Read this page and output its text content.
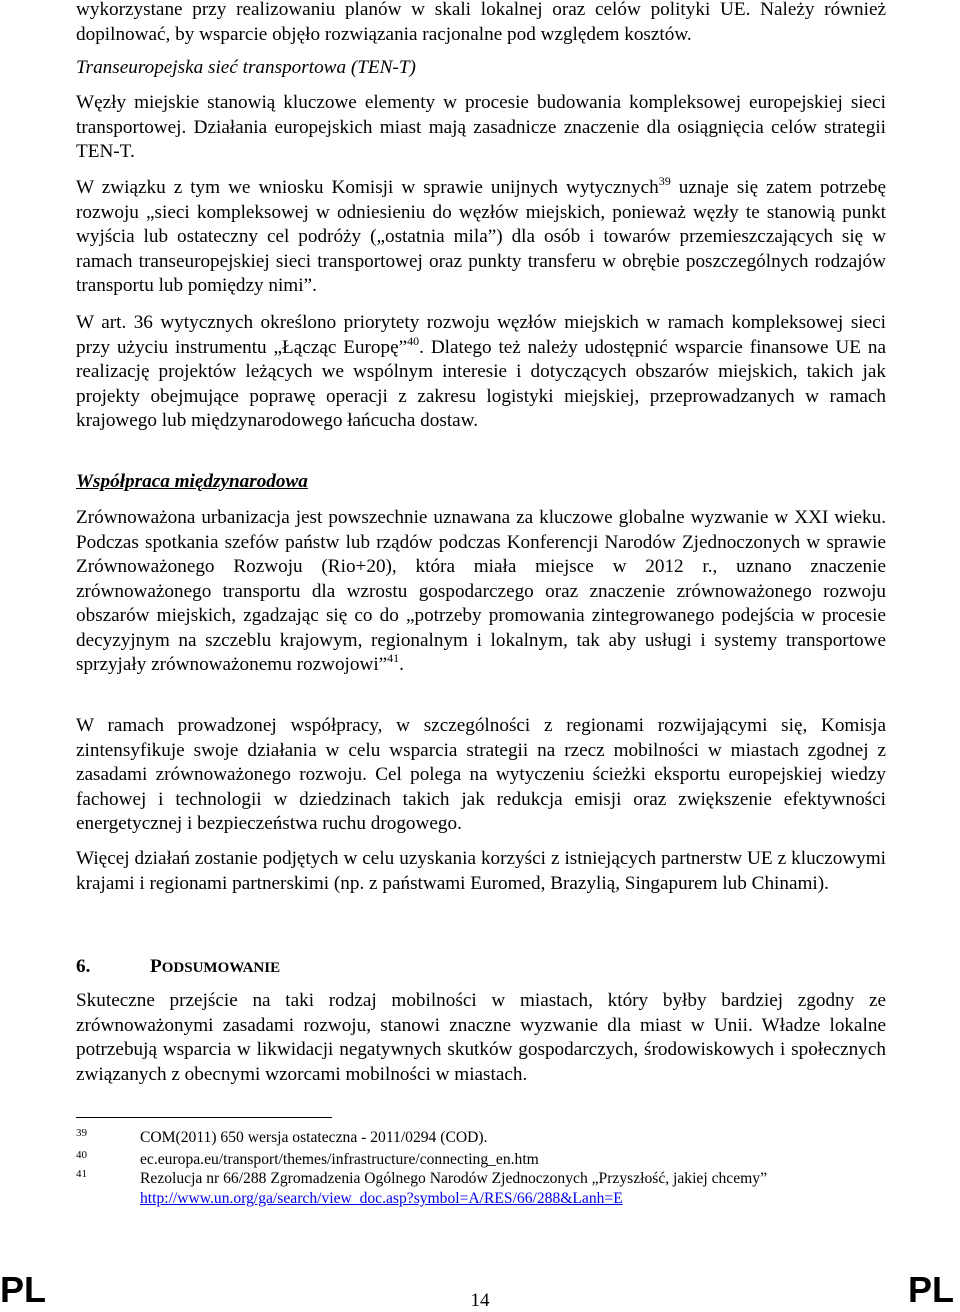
wykorzystane przy realizowaniu planów w skali lokalnej oraz celów polityki UE. Należy również dopilnować, by wsparcie objęło rozwiązania racjonalne pod względem kosztów.

Transeuropejska sieć transportowa (TEN-T)

Węzły miejskie stanowią kluczowe elementy w procesie budowania kompleksowej europejskiej sieci transportowej. Działania europejskich miast mają zasadnicze znaczenie dla osiągnięcia celów strategii TEN-T.

W związku z tym we wniosku Komisji w sprawie unijnych wytycznych$^{39}$ uznaje się zatem potrzebę rozwoju „sieci kompleksowej w odniesieniu do węzłów miejskich, ponieważ węzły te stanowią punkt wyjścia lub ostateczny cel podróży („ostatnia mila”) dla osób i towarów przemieszczających się w ramach transeuropejskiej sieci transportowej oraz punkty transferu w obrębie poszczególnych rodzajów transportu lub pomiędzy nimi”.

W art. 36 wytycznych określono priorytety rozwoju węzłów miejskich w ramach kompleksowej sieci przy użyciu instrumentu „Łącząc Europę”$^{40}$. Dlatego też należy udostępnić wsparcie finansowe UE na realizację projektów leżących we wspólnym interesie i dotyczących obszarów miejskich, takich jak projekty obejmujące poprawę operacji z zakresu logistyki miejskiej, przeprowadzanych w ramach krajowego lub międzynarodowego łańcucha dostaw.

Współpraca międzynarodowa

Zrównoważona urbanizacja jest powszechnie uznawana za kluczowe globalne wyzwanie w XXI wieku. Podczas spotkania szefów państw lub rządów podczas Konferencji Narodów Zjednoczonych w sprawie Zrównoważonego Rozwoju (Rio+20), która miała miejsce w 2012 r., uznano znaczenie zrównoważonego transportu dla wzrostu gospodarczego oraz znaczenie zrównoważonego rozwoju obszarów miejskich, zgadzając się co do „potrzeby promowania zintegrowanego podejścia w procesie decyzyjnym na szczeblu krajowym, regionalnym i lokalnym, tak aby usługi i systemy transportowe sprzyjały zrównoważonemu rozwojowi”$^{41}$.

W ramach prowadzonej współpracy, w szczególności z regionami rozwijającymi się, Komisja zintensyfikuje swoje działania w celu wsparcia strategii na rzecz mobilności w miastach zgodnej z zasadami zrównoważonego rozwoju. Cel polega na wytyczeniu ścieżki eksportu europejskiej wiedzy fachowej i technologii w dziedzinach takich jak redukcja emisji oraz zwiększenie efektywności energetycznej i bezpieczeństwa ruchu drogowego.

Więcej działań zostanie podjętych w celu uzyskania korzyści z istniejących partnerstw UE z kluczowymi krajami i regionami partnerskimi (np. z państwami Euromed, Brazylią, Singapurem lub Chinami).

6.	PODSUMOWANIE

Skuteczne przejście na taki rodzaj mobilności w miastach, który byłby bardziej zgodny ze zrównoważonymi zasadami rozwoju, stanowi znaczne wyzwanie dla miast w Unii. Władze lokalne potrzebują wsparcia w likwidacji negatywnych skutków gospodarczych, środowiskowych i społecznych związanych z obecnymi wzorcami mobilności w miastach.

39	COM(2011) 650 wersja ostateczna - 2011/0294 (COD).
40	ec.europa.eu/transport/themes/infrastructure/connecting_en.htm
41	Rezolucja nr 66/288 Zgromadzenia Ogólnego Narodów Zjednoczonych „Przyszłość, jakiej chcemy”
http://www.un.org/ga/search/view_doc.asp?symbol=A/RES/66/288&Lanh=E
PL	14	PL
